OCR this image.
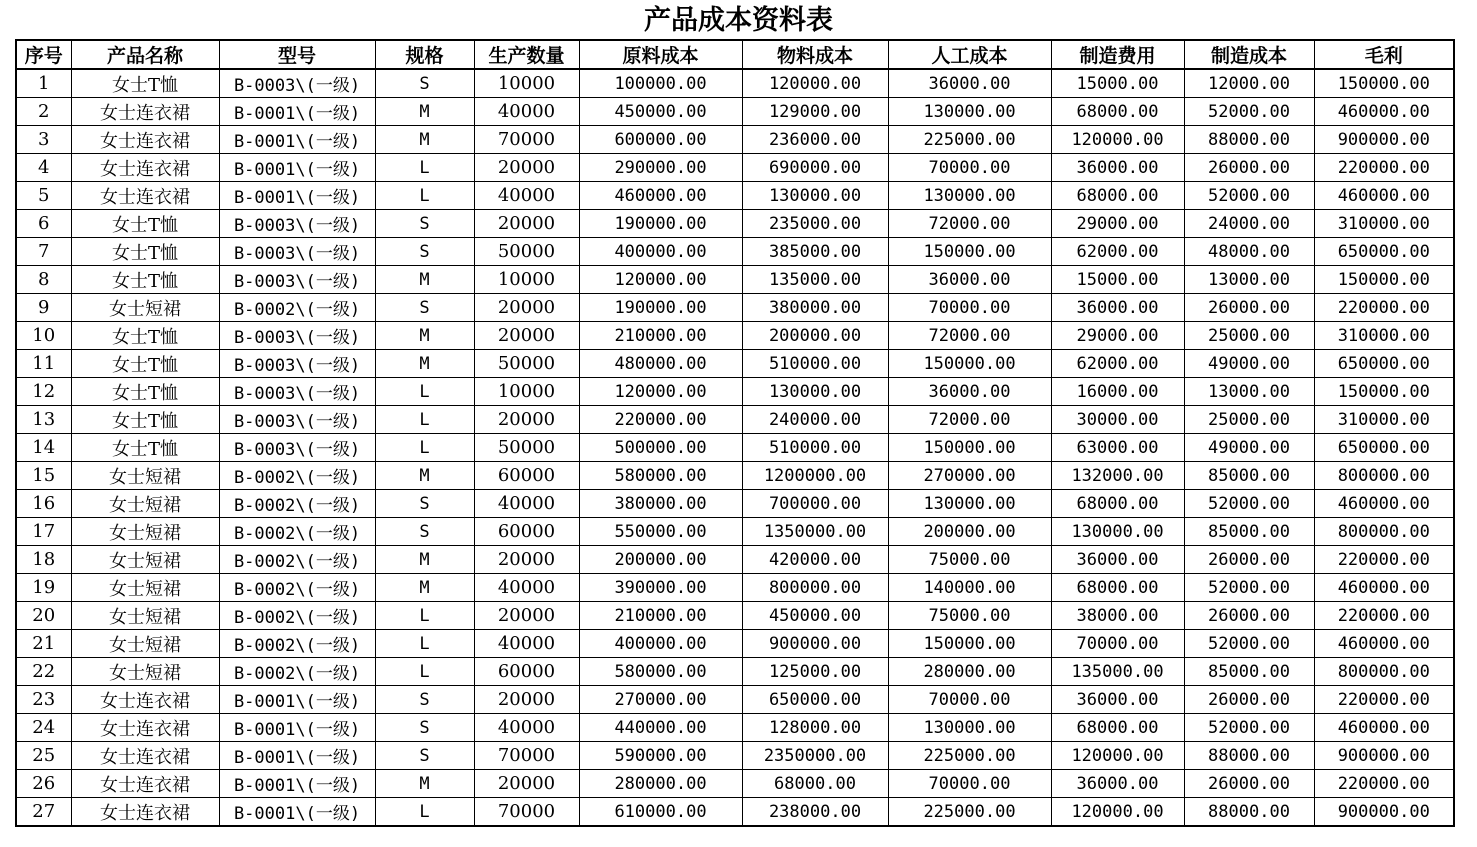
产品成本资料表
序号	产品名称	型号	规格	生产数量	原料成本	物料成本	人工成本	制造费用	制造成本	毛利
1	女士T恤	B-0003\(一级)	S	10000	100000.00	120000.00	36000.00	15000.00	12000.00	150000.00
2	女士连衣裙	B-0001\(一级)	M	40000	450000.00	129000.00	130000.00	68000.00	52000.00	460000.00
3	女士连衣裙	B-0001\(一级)	M	70000	600000.00	236000.00	225000.00	120000.00	88000.00	900000.00
4	女士连衣裙	B-0001\(一级)	L	20000	290000.00	690000.00	70000.00	36000.00	26000.00	220000.00
5	女士连衣裙	B-0001\(一级)	L	40000	460000.00	130000.00	130000.00	68000.00	52000.00	460000.00
6	女士T恤	B-0003\(一级)	S	20000	190000.00	235000.00	72000.00	29000.00	24000.00	310000.00
7	女士T恤	B-0003\(一级)	S	50000	400000.00	385000.00	150000.00	62000.00	48000.00	650000.00
8	女士T恤	B-0003\(一级)	M	10000	120000.00	135000.00	36000.00	15000.00	13000.00	150000.00
9	女士短裙	B-0002\(一级)	S	20000	190000.00	380000.00	70000.00	36000.00	26000.00	220000.00
10	女士T恤	B-0003\(一级)	M	20000	210000.00	200000.00	72000.00	29000.00	25000.00	310000.00
11	女士T恤	B-0003\(一级)	M	50000	480000.00	510000.00	150000.00	62000.00	49000.00	650000.00
12	女士T恤	B-0003\(一级)	L	10000	120000.00	130000.00	36000.00	16000.00	13000.00	150000.00
13	女士T恤	B-0003\(一级)	L	20000	220000.00	240000.00	72000.00	30000.00	25000.00	310000.00
14	女士T恤	B-0003\(一级)	L	50000	500000.00	510000.00	150000.00	63000.00	49000.00	650000.00
15	女士短裙	B-0002\(一级)	M	60000	580000.00	1200000.00	270000.00	132000.00	85000.00	800000.00
16	女士短裙	B-0002\(一级)	S	40000	380000.00	700000.00	130000.00	68000.00	52000.00	460000.00
17	女士短裙	B-0002\(一级)	S	60000	550000.00	1350000.00	200000.00	130000.00	85000.00	800000.00
18	女士短裙	B-0002\(一级)	M	20000	200000.00	420000.00	75000.00	36000.00	26000.00	220000.00
19	女士短裙	B-0002\(一级)	M	40000	390000.00	800000.00	140000.00	68000.00	52000.00	460000.00
20	女士短裙	B-0002\(一级)	L	20000	210000.00	450000.00	75000.00	38000.00	26000.00	220000.00
21	女士短裙	B-0002\(一级)	L	40000	400000.00	900000.00	150000.00	70000.00	52000.00	460000.00
22	女士短裙	B-0002\(一级)	L	60000	580000.00	125000.00	280000.00	135000.00	85000.00	800000.00
23	女士连衣裙	B-0001\(一级)	S	20000	270000.00	650000.00	70000.00	36000.00	26000.00	220000.00
24	女士连衣裙	B-0001\(一级)	S	40000	440000.00	128000.00	130000.00	68000.00	52000.00	460000.00
25	女士连衣裙	B-0001\(一级)	S	70000	590000.00	2350000.00	225000.00	120000.00	88000.00	900000.00
26	女士连衣裙	B-0001\(一级)	M	20000	280000.00	68000.00	70000.00	36000.00	26000.00	220000.00
27	女士连衣裙	B-0001\(一级)	L	70000	610000.00	238000.00	225000.00	120000.00	88000.00	900000.00
